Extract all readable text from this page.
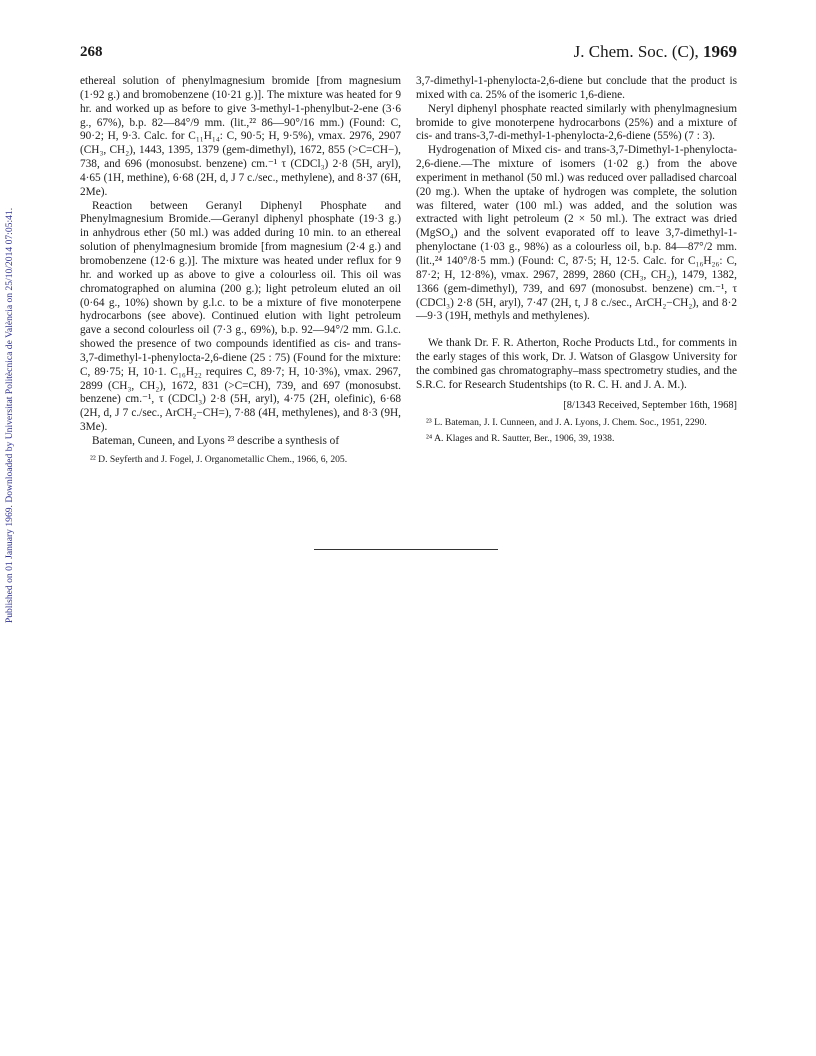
Published on 01 January 1969. Downloaded by Universitat Politècnica de València on 25/10/2014 07:05:41.
268	J. Chem. Soc. (C), 1969

ethereal solution of phenylmagnesium bromide [from magnesium (1·92 g.) and bromobenzene (10·21 g.)]. The mixture was heated for 9 hr. and worked up as before to give 3-methyl-1-phenylbut-2-ene (3·6 g., 67%), b.p. 82—84°/9 mm. (lit.,²² 86—90°/16 mm.) (Found: C, 90·2; H, 9·3. Calc. for C₁₁H₁₄: C, 90·5; H, 9·5%), νmax. 2976, 2907 (CH₃, CH₂), 1443, 1395, 1379 (gem-dimethyl), 1672, 855 (>C=CH−), 738, and 696 (monosubst. benzene) cm.⁻¹ τ (CDCl₃) 2·8 (5H, aryl), 4·65 (1H, methine), 6·68 (2H, d, J 7 c./sec., methylene), and 8·37 (6H, 2Me).

Reaction between Geranyl Diphenyl Phosphate and Phenylmagnesium Bromide.—Geranyl diphenyl phosphate (19·3 g.) in anhydrous ether (50 ml.) was added during 10 min. to an ethereal solution of phenylmagnesium bromide [from magnesium (2·4 g.) and bromobenzene (12·6 g.)]. The mixture was heated under reflux for 9 hr. and worked up as above to give a colourless oil. This oil was chromatographed on alumina (200 g.); light petroleum eluted an oil (0·64 g., 10%) shown by g.l.c. to be a mixture of five monoterpene hydrocarbons (see above). Continued elution with light petroleum gave a second colourless oil (7·3 g., 69%), b.p. 92—94°/2 mm. G.l.c. showed the presence of two compounds identified as cis- and trans-3,7-dimethyl-1-phenylocta-2,6-diene (25 : 75) (Found for the mixture: C, 89·75; H, 10·1. C₁₆H₂₂ requires C, 89·7; H, 10·3%), νmax. 2967, 2899 (CH₃, CH₂), 1672, 831 (>C=CH), 739, and 697 (monosubst. benzene) cm.⁻¹, τ (CDCl₃) 2·8 (5H, aryl), 4·75 (2H, olefinic), 6·68 (2H, d, J 7 c./sec., ArCH₂−CH=), 7·88 (4H, methylenes), and 8·3 (9H, 3Me).

Bateman, Cuneen, and Lyons ²³ describe a synthesis of

²² D. Seyferth and J. Fogel, J. Organometallic Chem., 1966, 6, 205.

3,7-dimethyl-1-phenylocta-2,6-diene but conclude that the product is mixed with ca. 25% of the isomeric 1,6-diene.

Neryl diphenyl phosphate reacted similarly with phenylmagnesium bromide to give monoterpene hydrocarbons (25%) and a mixture of cis- and trans-3,7-di-methyl-1-phenylocta-2,6-diene (55%) (7 : 3).

Hydrogenation of Mixed cis- and trans-3,7-Dimethyl-1-phenylocta-2,6-diene.—The mixture of isomers (1·02 g.) from the above experiment in methanol (50 ml.) was reduced over palladised charcoal (20 mg.). When the uptake of hydrogen was complete, the solution was filtered, water (100 ml.) was added, and the solution was extracted with light petroleum (2 × 50 ml.). The extract was dried (MgSO₄) and the solvent evaporated off to leave 3,7-dimethyl-1-phenyloctane (1·03 g., 98%) as a colourless oil, b.p. 84—87°/2 mm. (lit.,²⁴ 140°/8·5 mm.) (Found: C, 87·5; H, 12·5. Calc. for C₁₆H₂₆: C, 87·2; H, 12·8%), νmax. 2967, 2899, 2860 (CH₃, CH₂), 1479, 1382, 1366 (gem-dimethyl), 739, and 697 (monosubst. benzene) cm.⁻¹, τ (CDCl₃) 2·8 (5H, aryl), 7·47 (2H, t, J 8 c./sec., ArCH₂−CH₂), and 8·2—9·3 (19H, methyls and methylenes).

We thank Dr. F. R. Atherton, Roche Products Ltd., for comments in the early stages of this work, Dr. J. Watson of Glasgow University for the combined gas chromatography–mass spectrometry studies, and the S.R.C. for Research Studentships (to R. C. H. and J. A. M.).

[8/1343 Received, September 16th, 1968]

²³ L. Bateman, J. I. Cunneen, and J. A. Lyons, J. Chem. Soc., 1951, 2290.

²⁴ A. Klages and R. Sautter, Ber., 1906, 39, 1938.
